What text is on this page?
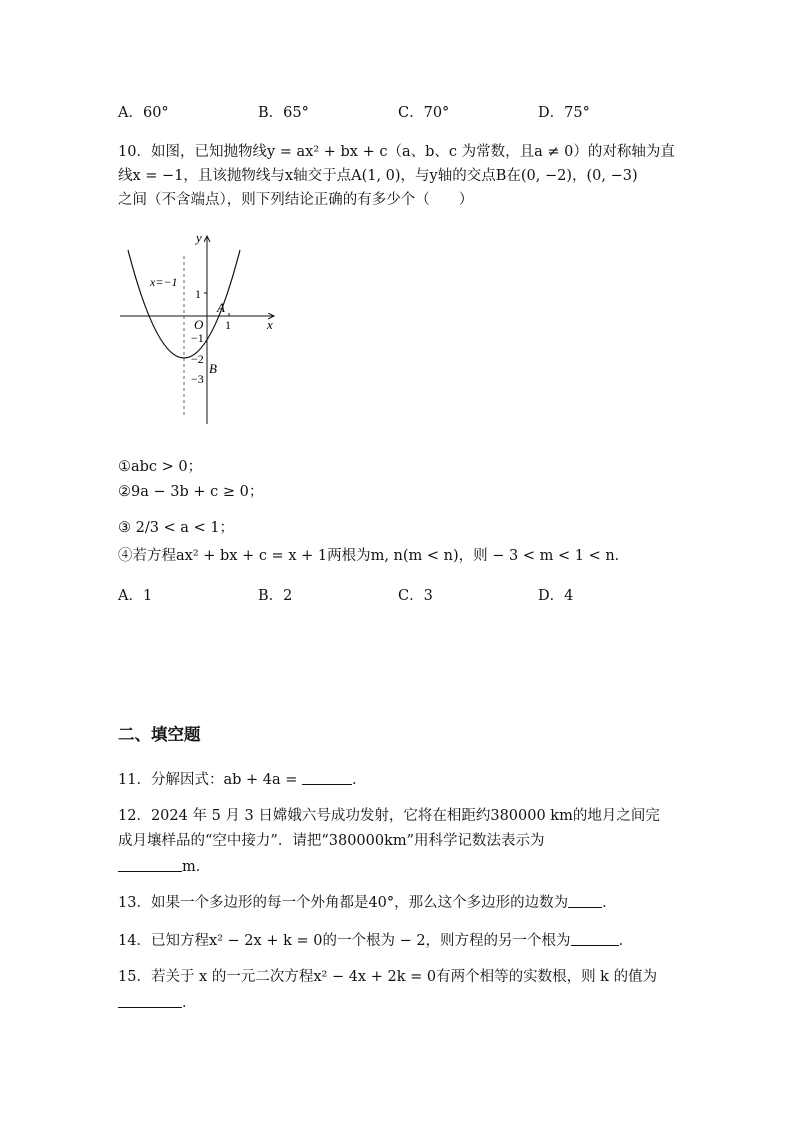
A．60°	B．65°	C．70°	D．75°
10．如图，已知抛物线y = ax² + bx + c（a、b、c 为常数，且a ≠ 0）的对称轴为直
线x = −1，且该抛物线与x轴交于点A(1, 0)，与y轴的交点B在(0, −2)，(0, −3)
之间（不含端点），则下列结论正确的有多少个（　　）
y
x
x=−1
1
A
O 1
−1
−2
B
−3
①abc > 0；
②9a − 3b + c ≥ 0；
③ 2/3 < a < 1；
④若方程ax² + bx + c = x + 1两根为m, n(m < n)，则 − 3 < m < 1 < n．
A．1	B．2	C．3	D．4
二、填空题
11．分解因式：ab + 4a =	．
12．2024 年 5 月 3 日嫦娥六号成功发射，它将在相距约380000 km的地月之间完
成月壤样品的“空中接力”．请把“380000km”用科学记数法表示为
m．
13．如果一个多边形的每一个外角都是40°，那么这个多边形的边数为 ．
14．已知方程x² − 2x + k = 0的一个根为 − 2，则方程的另一个根为	．
15．若关于 x 的一元二次方程x² − 4x + 2k = 0有两个相等的实数根，则 k 的值为
．
